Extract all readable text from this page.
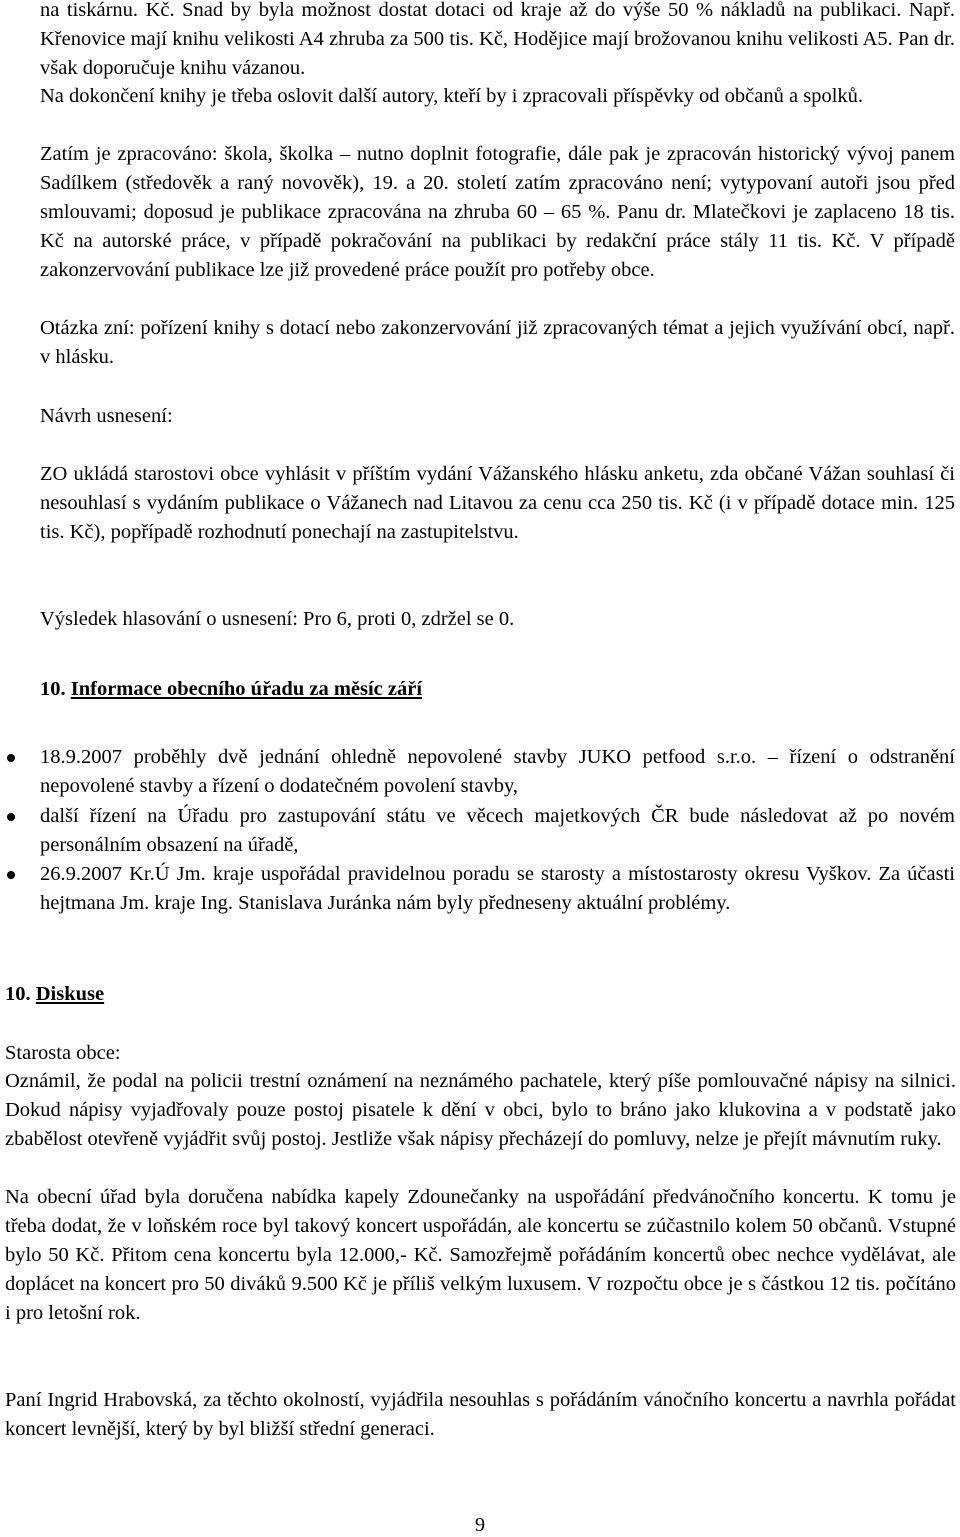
na tiskárnu. Kč. Snad by byla možnost dostat dotaci od kraje až do výše 50 % nákladů na publikaci. Např. Křenovice mají knihu velikosti A4 zhruba za 500 tis. Kč, Hodějice mají brožovanou knihu velikosti A5. Pan dr. však doporučuje knihu vázanou.

Na dokončení knihy je třeba oslovit další autory, kteří by i zpracovali příspěvky od občanů a spolků.

Zatím je zpracováno: škola, školka – nutno doplnit fotografie, dále pak je zpracován historický vývoj panem Sadílkem (středověk a raný novověk), 19. a 20. století zatím zpracováno není; vytypovaní autoři jsou před smlouvami; doposud je publikace zpracována na zhruba 60 – 65 %. Panu dr. Mlatečkovi je zaplaceno 18 tis. Kč na autorské práce, v případě pokračování na publikaci by redakční práce stály 11 tis. Kč. V případě zakonzervování publikace lze již provedené práce použít pro potřeby obce.

Otázka zní: pořízení knihy s dotací nebo zakonzervování již zpracovaných témat a jejich využívání obcí, např. v hlásku.

Návrh usnesení:

ZO ukládá starostovi obce vyhlásit v příštím vydání Vážanského hlásku anketu, zda občané Vážan souhlasí či nesouhlasí s vydáním publikace o Vážanech nad Litavou za cenu cca 250 tis. Kč (i v případě dotace min. 125 tis. Kč), popřípadě rozhodnutí ponechají na zastupitelstvu.

Výsledek hlasování o usnesení: Pro 6, proti 0, zdržel se 0.

10. Informace obecního úřadu za měsíc září

18.9.2007 proběhly dvě jednání ohledně nepovolené stavby JUKO petfood s.r.o. – řízení o odstranění nepovolené stavby a řízení o dodatečném povolení stavby,
další řízení na Úřadu pro zastupování státu ve věcech majetkových ČR bude následovat až po novém personálním obsazení na úřadě,
26.9.2007 Kr.Ú Jm. kraje uspořádal pravidelnou poradu se starosty a místostarosty okresu Vyškov. Za účasti hejtmana Jm. kraje Ing. Stanislava Juránka nám byly předneseny aktuální problémy.

10. Diskuse

Starosta obce:

Oznámil, že podal na policii trestní oznámení na neznámého pachatele, který píše pomlouvačné nápisy na silnici. Dokud nápisy vyjadřovaly pouze postoj pisatele k dění v obci, bylo to bráno jako klukovina a v podstatě jako zbabělost otevřeně vyjádřit svůj postoj. Jestliže však nápisy přecházejí do pomluvy, nelze je přejít mávnutím ruky.

Na obecní úřad byla doručena nabídka kapely Zdounečanky na uspořádání předvánočního koncertu. K tomu je třeba dodat, že v loňském roce byl takový koncert uspořádán, ale koncertu se zúčastnilo kolem 50 občanů. Vstupné bylo 50 Kč. Přitom cena koncertu byla 12.000,- Kč. Samozřejmě pořádáním koncertů obec nechce vydělávat, ale doplácet na koncert pro 50 diváků 9.500 Kč je příliš velkým luxusem. V rozpočtu obce je s částkou 12 tis. počítáno i pro letošní rok.

Paní Ingrid Hrabovská, za těchto okolností, vyjádřila nesouhlas s pořádáním vánočního koncertu a navrhla pořádat koncert levnější, který by byl bližší střední generaci.

9
